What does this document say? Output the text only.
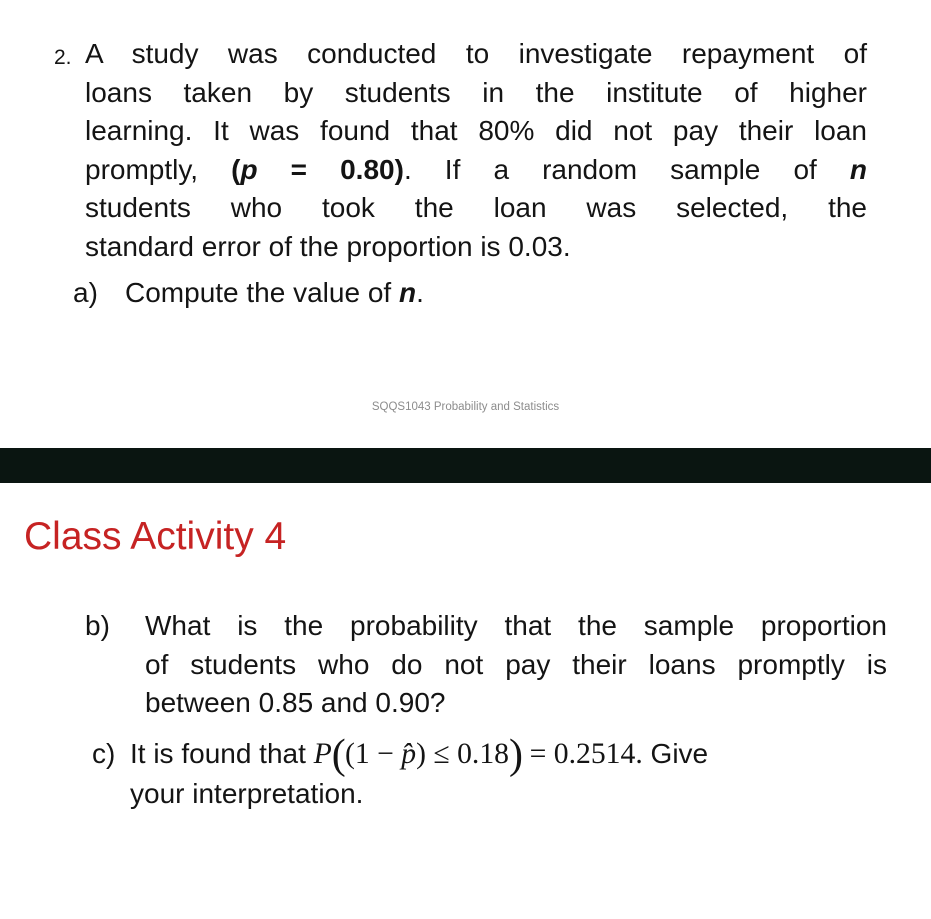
2. A study was conducted to investigate repayment of
loans taken by students in the institute of higher
learning. It was found that 80% did not pay their loan
promptly, (p = 0.80). If a random sample of n
students who took the loan was selected, the
standard error of the proportion is 0.03.
a) Compute the value of n.
SQQS1043 Probability and Statistics
Class Activity 4
b)	What is the probability that the sample proportion
of students who do not pay their loans promptly is
between 0.85 and 0.90?
c) It is found that P((1 − p̂) ≤ 0.18) = 0.2514. Give
your interpretation.
